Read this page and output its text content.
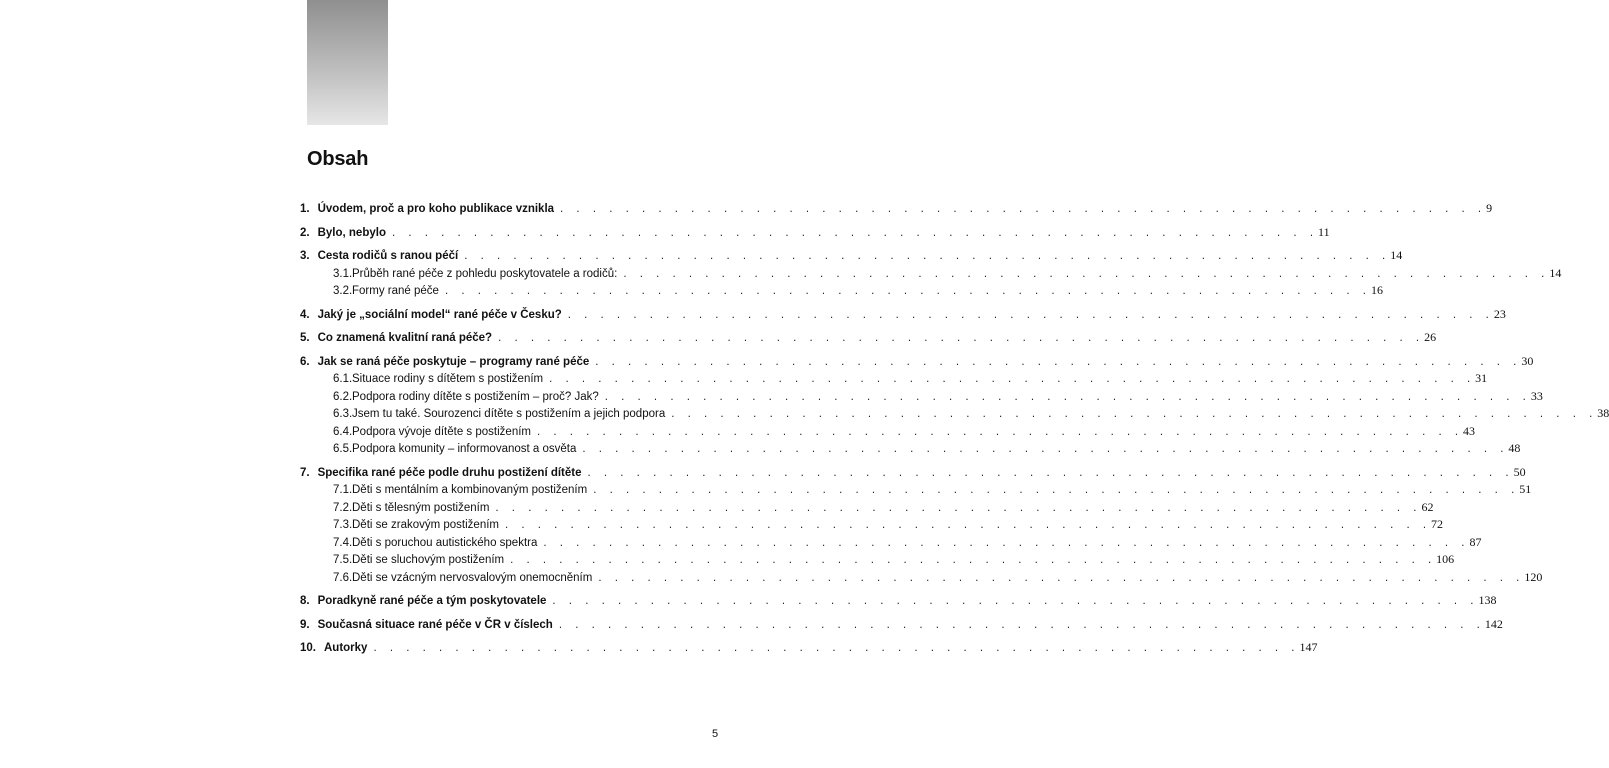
Obsah
1. Úvodem, proč a pro koho publikace vznikla . . . . . . . . . . . . . . . . . . . . . . . . . . . . . . . . . . . . . . . . . . . . . . . . . . . . . . . . . 9
2. Bylo, nebylo . . . . . . . . . . . . . . . . . . . . . . . . . . . . . . . . . . . . . . . . . . . . . . . . . . . . . . . . . 11
3. Cesta rodičů s ranou péčí . . . . . . . . . . . . . . . . . . . . . . . . . . . . . . . . . . . . . . . . . . . . . . . . . . . . . . . . . 14
3.1. Průběh rané péče z pohledu poskytovatele a rodičů: . . . . . . . . . . . . . . . . . . . . . . . . . . . . . . . . . . . . . . . . . . . . . . . . . . . . . . . . . 14
3.2. Formy rané péče . . . . . . . . . . . . . . . . . . . . . . . . . . . . . . . . . . . . . . . . . . . . . . . . . . . . . . . . . 16
4. Jaký je „sociální model“ rané péče v Česku? . . . . . . . . . . . . . . . . . . . . . . . . . . . . . . . . . . . . . . . . . . . . . . . . . . . . . . . . . 23
5. Co znamená kvalitní raná péče? . . . . . . . . . . . . . . . . . . . . . . . . . . . . . . . . . . . . . . . . . . . . . . . . . . . . . . . . . 26
6. Jak se raná péče poskytuje – programy rané péče . . . . . . . . . . . . . . . . . . . . . . . . . . . . . . . . . . . . . . . . . . . . . . . . . . . . . . . . . 30
6.1. Situace rodiny s dítětem s postižením . . . . . . . . . . . . . . . . . . . . . . . . . . . . . . . . . . . . . . . . . . . . . . . . . . . . . . . . . 31
6.2. Podpora rodiny dítěte s postižením – proč? Jak? . . . . . . . . . . . . . . . . . . . . . . . . . . . . . . . . . . . . . . . . . . . . . . . . . . . . . . . . . 33
6.3. Jsem tu také. Sourozenci dítěte s postižením a jejich podpora . . . . . . . . . . . . . . . . . . . . . . . . . . . . . . . . . . . . . . . . . . . . . . . . . . . . . . . . . 38
6.4. Podpora vývoje dítěte s postižením . . . . . . . . . . . . . . . . . . . . . . . . . . . . . . . . . . . . . . . . . . . . . . . . . . . . . . . . . 43
6.5. Podpora komunity – informovanost a osvěta . . . . . . . . . . . . . . . . . . . . . . . . . . . . . . . . . . . . . . . . . . . . . . . . . . . . . . . . . 48
7. Specifika rané péče podle druhu postižení dítěte . . . . . . . . . . . . . . . . . . . . . . . . . . . . . . . . . . . . . . . . . . . . . . . . . . . . . . . . . 50
7.1. Děti s mentálním a kombinovaným postižením . . . . . . . . . . . . . . . . . . . . . . . . . . . . . . . . . . . . . . . . . . . . . . . . . . . . . . . . . 51
7.2. Děti s tělesným postižením . . . . . . . . . . . . . . . . . . . . . . . . . . . . . . . . . . . . . . . . . . . . . . . . . . . . . . . . . 62
7.3. Děti se zrakovým postižením . . . . . . . . . . . . . . . . . . . . . . . . . . . . . . . . . . . . . . . . . . . . . . . . . . . . . . . . . 72
7.4. Děti s poruchou autistického spektra . . . . . . . . . . . . . . . . . . . . . . . . . . . . . . . . . . . . . . . . . . . . . . . . . . . . . . . . . 87
7.5. Děti se sluchovým postižením . . . . . . . . . . . . . . . . . . . . . . . . . . . . . . . . . . . . . . . . . . . . . . . . . . . . . . . . . 106
7.6. Děti se vzácným nervosvalovým onemocněním . . . . . . . . . . . . . . . . . . . . . . . . . . . . . . . . . . . . . . . . . . . . . . . . . . . . . . . . . 120
8. Poradkyně rané péče a tým poskytovatele . . . . . . . . . . . . . . . . . . . . . . . . . . . . . . . . . . . . . . . . . . . . . . . . . . . . . . . . . 138
9. Současná situace rané péče v ČR v číslech . . . . . . . . . . . . . . . . . . . . . . . . . . . . . . . . . . . . . . . . . . . . . . . . . . . . . . . . . 142
10. Autorky . . . . . . . . . . . . . . . . . . . . . . . . . . . . . . . . . . . . . . . . . . . . . . . . . . . . . . . . . 147
5
